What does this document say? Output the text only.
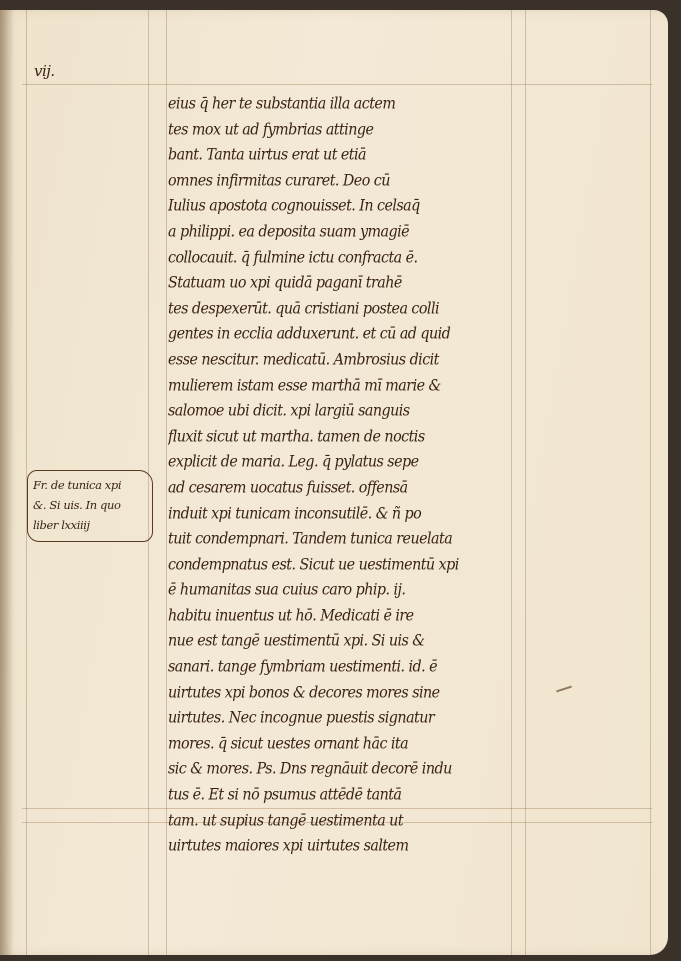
vij.
eius q̄ her te substantia illa actem
tes mox ut ad fymbrias attinge
bant. Tanta uirtus erat ut etiā
omnes infirmitas curaret. Deo cū
Iulius apostota cognouisset. In celsaq̄
a philippi. ea deposita suam ymagiē
collocauit. q̄ fulmine ictu confracta ē.
Statuam uo xpi quidā paganī trahē
tes despexerūt. quā cristiani postea colli
gentes in ecclia adduxerunt. et cū ad quid
esse nescitur. medicatū. Ambrosius dicit
mulierem istam esse marthā mī marie &
salomoe ubi dicit. xpi largiū sanguis
fluxit sicut ut martha. tamen de noctis
explicit de maria. Leg. q̄ pylatus sepe
ad cesarem uocatus fuisset. offensā
induit xpi tunicam inconsutilē. & ñ po
tuit condempnari. Tandem tunica reuelata
condempnatus est. Sicut ue uestimentū xpi
ē humanitas sua cuius caro phip. ij.
habitu inuentus ut hō. Medicati ē ire
nue est tangē uestimentū xpi. Si uis &
sanari. tange fymbriam uestimenti. id. ē
uirtutes xpi bonos & decores mores sine
uirtutes. Nec incognue puestis signatur
mores. q̄ sicut uestes ornant hāc ita
sic & mores. Ps. Dns regnāuit decorē indu
tus ē. Et si nō psumus attēdē tantā
tam. ut supius tangē uestimenta ut
uirtutes maiores xpi uirtutes saltem
Fr. de tunica xpi
&. Si uis. In quo
liber lxxiiij
